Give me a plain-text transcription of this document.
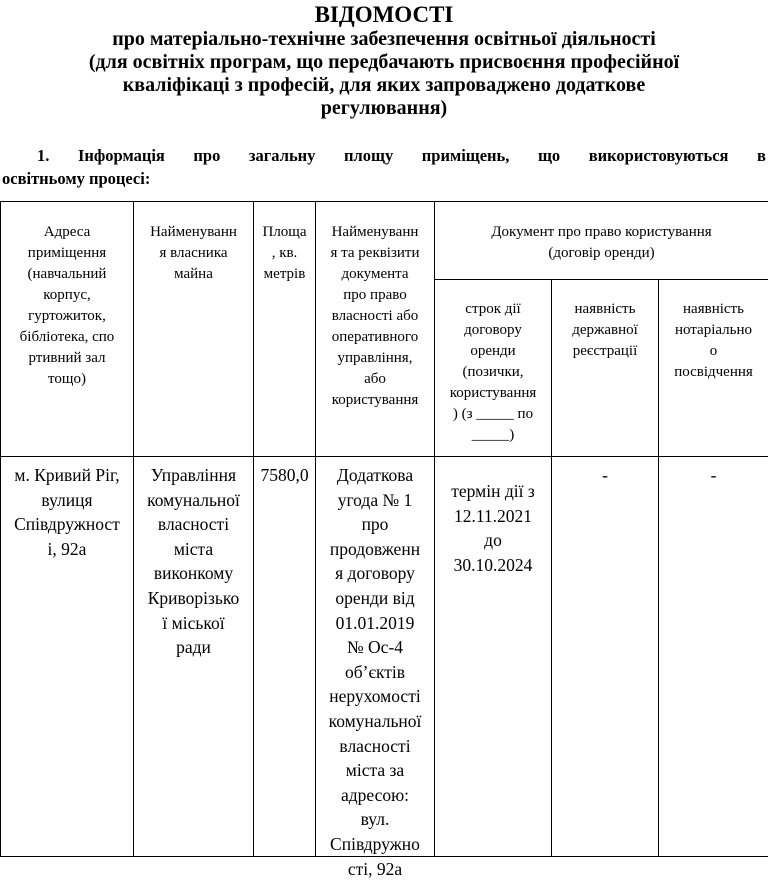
ВІДОМОСТІ
про матеріально-технічне забезпечення освітньої діяльності
(для освітніх програм, що передбачають присвоєння професійної
кваліфікаці з професій, для яких запроваджено додаткове
регулювання)
1. Інформація про загальну площу приміщень, що використовуються в
освітньому процесі:
Адреса
приміщення
(навчальний
корпус,
гуртожиток,
бібліотека, спо
ртивний зал
тощо)
Найменуванн
я власника
майна
Площа
, кв.
метрів
Найменуванн
я та реквізити
документа
про право
власності або
оперативного
управління,
або
користування
Документ про право користування
(договір оренди)
строк дії
договору
оренди
(позички,
користування
) (з _____ по
_____)
наявність
державної
реєстрації
наявність
нотаріально
о
посвідчення
м. Кривий Ріг,
вулиця
Співдружност
і, 92а
Управління
комунальної
власності
міста
виконкому
Криворізько
ї міської
ради
7580,0	Додаткова
угода № 1
про
продовженн
я договору
оренди від
01.01.2019
№ Ос-4
об’єктів
нерухомості
комунальної
власності
міста за
адресою:
вул.
Співдружно
сті, 92а
термін дії з
12.11.2021
до
30.10.2024
-	-
